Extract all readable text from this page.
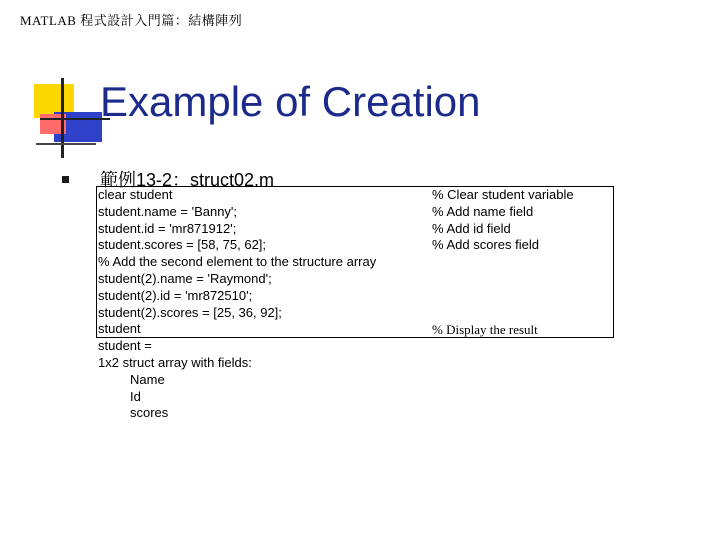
MATLAB 程式設計入門篇：結構陣列
Example of Creation
範例13-2：struct02.m
clear student
student.name = 'Banny';
student.id = 'mr871912';
student.scores = [58, 75, 62];
% Add the second element to the structure array
student(2).name = 'Raymond';
student(2).id = 'mr872510';
student(2).scores = [25, 36, 92];
student
% Clear student variable
% Add name field
% Add id field
% Add scores field
% Display the result
student =
1x2 struct array with fields:
Name
Id
scores
